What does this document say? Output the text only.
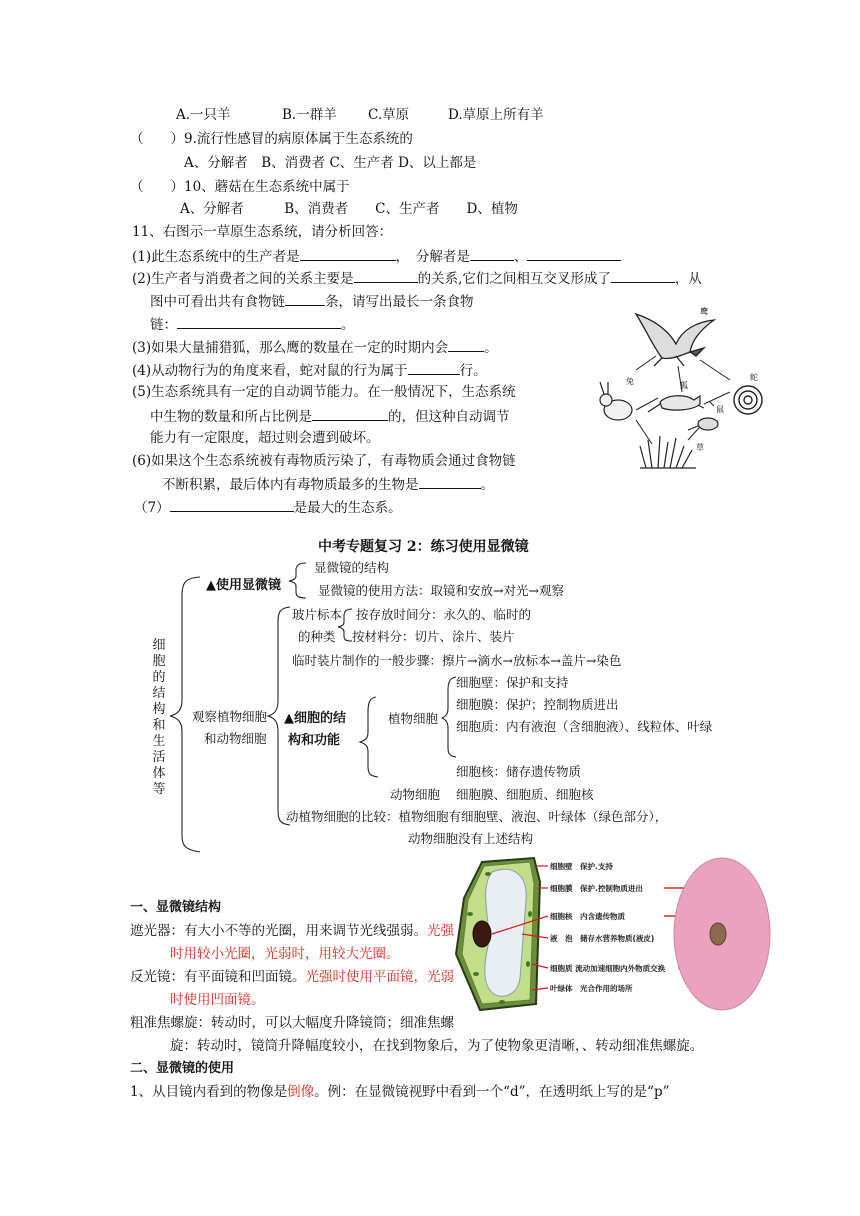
A.一只羊	B.一群羊 C.草原	D.草原上所有羊
（　　）9.流行性感冒的病原体属于生态系统的
A、分解者　B、消费者 C、生产者 D、以上都是
（　　）10、蘑菇在生态系统中属于
A、分解者　　　B、消费者　　C、生产者　　D、植物
11、右图示一草原生态系统，请分析回答：
(1)此生态系统中的生产者是	，　分解者是	、
(2)生产者与消费者之间的关系主要是	的关系,它们之间相互交叉形成了	，从
图中可看出共有食物链	条，请写出最长一条食物
链：	。
(3)如果大量捕猎狐，那么鹰的数量在一定的时期内会	。
(4)从动物行为的角度来看，蛇对鼠的行为属于	行。
(5)生态系统具有一定的自动调节能力。在一般情况下，生态系统
中生物的数量和所占比例是	的，但这种自动调节
能力有一定限度，超过则会遭到破坏。
(6)如果这个生态系统被有毒物质污染了，有毒物质会通过食物链
不断积累，最后体内有毒物质最多的生物是	。
（7）	是最大的生态系。
鹰
兔	狐
蛇
鼠
草
中考专题复习 2：练习使用显微镜
细胞的结构和生活体等
▲使用显微镜
显微镜的结构
显微镜的使用方法：取镜和安放→对光→观察
玻片标本
的种类
按存放时间分：永久的、临时的
按材料分：切片、涂片、装片
临时装片制作的一般步骤：擦片→滴水→放标本→盖片→染色
观察植物细胞
和动物细胞
▲细胞的结
构和功能
植物细胞
细胞壁：保护和支持
细胞膜：保护；控制物质进出
细胞质：内有液泡（含细胞液）、线粒体、叶绿
细胞核：储存遗传物质
动物细胞 细胞膜、细胞质、细胞核
动植物细胞的比较：植物细胞有细胞壁、液泡、叶绿体（绿色部分），
动物细胞没有上述结构
细胞壁　保护.支持
细胞膜　保护.控制物质进出
细胞核　内含遗传物质
液　泡　储存水营养物质(液皮)
细胞质 流动加速细胞内外物质交换
叶绿体　光合作用的场所
一、显微镜结构
遮光器：有大小不等的光圈，用来调节光线强弱。光强
时用较小光圈，光弱时，用较大光圈。
反光镜：有平面镜和凹面镜。光强时使用平面镜，光弱
时使用凹面镜。
粗准焦螺旋：转动时，可以大幅度升降镜筒；细准焦螺
旋：转动时，镜筒升降幅度较小，在找到物象后，为了使物象更清晰，、转动细准焦螺旋。
二、显微镜的使用
1、从目镜内看到的物像是倒像。例：在显微镜视野中看到一个“d”，在透明纸上写的是“p”
